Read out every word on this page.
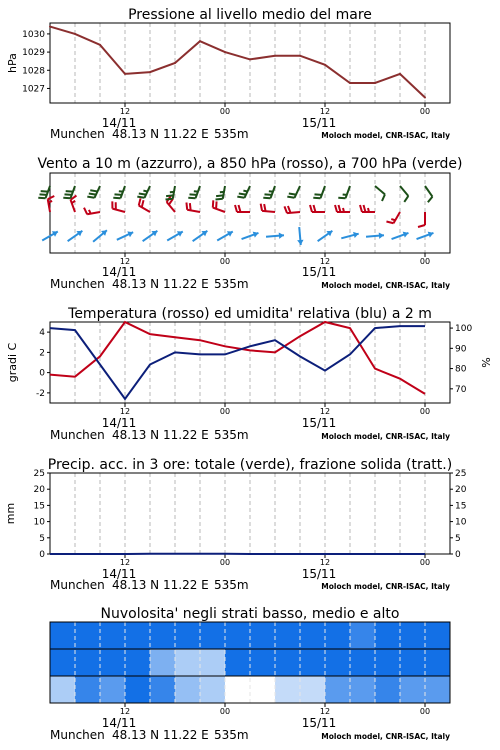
Pressione al livello medio del mare
12	00	12	00
14/11	15/11
Munchen 48.13 N 11.22 E 535m	Moloch model, CNR-ISAC, Italy
1027
1028
1029
1030
hPa
Vento a 10 m (azzurro), a 850 hPa (rosso), a 700 hPa (verde)
12	00	12	00
14/11	15/11
Munchen 48.13 N 11.22 E 535m	Moloch model, CNR-ISAC, Italy
Temperatura (rosso) ed umidita' relativa (blu) a 2 m
12	00	12	00
14/11	15/11
Munchen 48.13 N 11.22 E 535m	Moloch model, CNR-ISAC, Italy
-2
0
2
4
70
80
90
100
gradi C	%
Precip. acc. in 3 ore: totale (verde), frazione solida (tratt.)
12	00	12	00
14/11	15/11
Munchen 48.13 N 11.22 E 535m	Moloch model, CNR-ISAC, Italy
0
5
10
15
20
25
0
5
10
15
20
25
mm
Nuvolosita' negli strati basso, medio e alto
12	00	12	00
14/11	15/11
Munchen 48.13 N 11.22 E 535m	Moloch model, CNR-ISAC, Italy
